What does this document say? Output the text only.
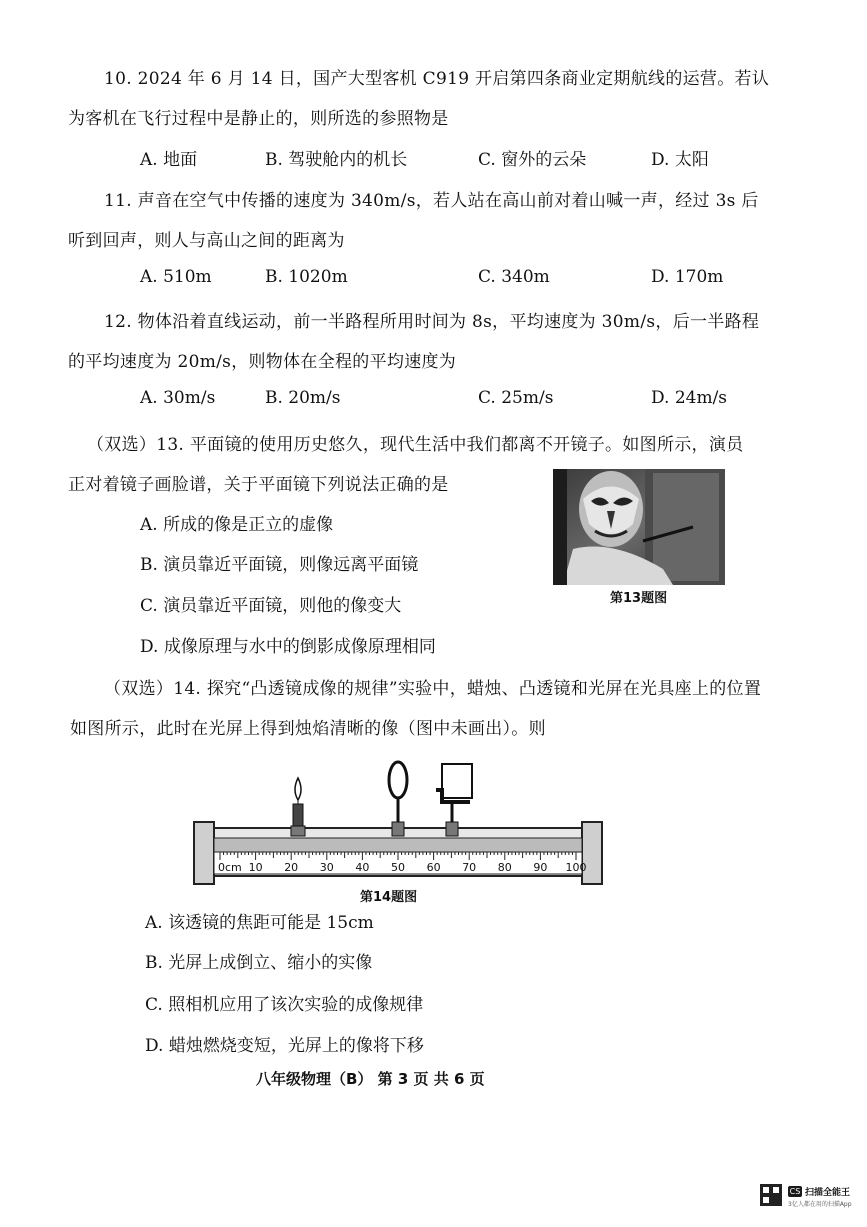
10. 2024 年 6 月 14 日，国产大型客机 C919 开启第四条商业定期航线的运营。若认
为客机在飞行过程中是静止的，则所选的参照物是
A. 地面	B. 驾驶舱内的机长	C. 窗外的云朵	D. 太阳
11. 声音在空气中传播的速度为 340m/s，若人站在高山前对着山喊一声，经过 3s 后
听到回声，则人与高山之间的距离为
A. 510m	B. 1020m	C. 340m	D. 170m
12. 物体沿着直线运动，前一半路程所用时间为 8s，平均速度为 30m/s，后一半路程
的平均速度为 20m/s，则物体在全程的平均速度为
A. 30m/s	B. 20m/s	C. 25m/s	D. 24m/s
（双选）13. 平面镜的使用历史悠久，现代生活中我们都离不开镜子。如图所示，演员
正对着镜子画脸谱，关于平面镜下列说法正确的是
A. 所成的像是正立的虚像
B. 演员靠近平面镜，则像远离平面镜
C. 演员靠近平面镜，则他的像变大
D. 成像原理与水中的倒影成像原理相同
第13题图
（双选）14. 探究“凸透镜成像的规律”实验中，蜡烛、凸透镜和光屏在光具座上的位置
如图所示，此时在光屏上得到烛焰清晰的像（图中未画出）。则
0cm 10 20 30 40 50 60 70 80 90 100
第14题图
A. 该透镜的焦距可能是 15cm
B. 光屏上成倒立、缩小的实像
C. 照相机应用了该次实验的成像规律
D. 蜡烛燃烧变短，光屏上的像将下移
八年级物理（B） 第 3 页 共 6 页
CS 扫描全能王
3亿人都在用的扫描App
